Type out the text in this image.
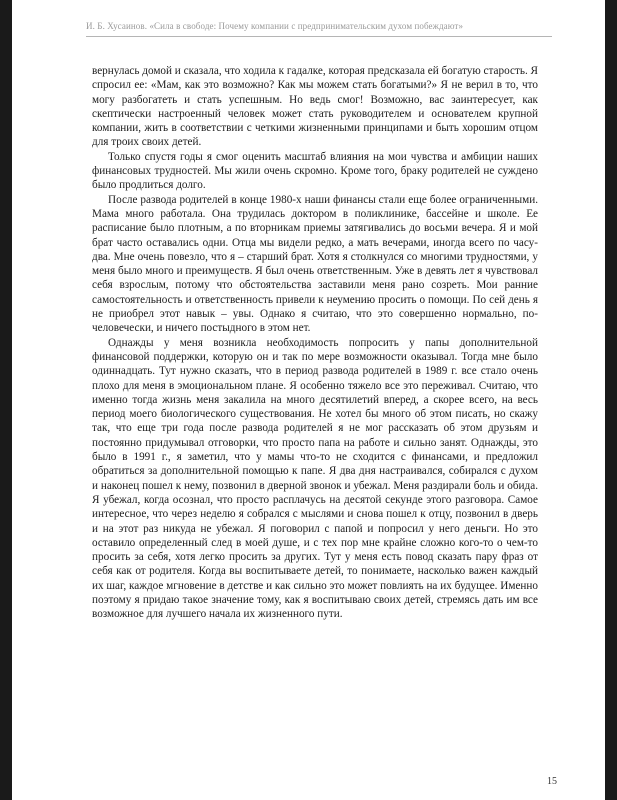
И. Б. Хусаинов. «Сила в свободе: Почему компании с предпринимательским духом побеждают»

вернулась домой и сказала, что ходила к гадалке, которая предсказала ей богатую старость. Я спросил ее: «Мам, как это возможно? Как мы можем стать богатыми?» Я не верил в то, что могу разбогатеть и стать успешным. Но ведь смог! Возможно, вас заинтересует, как скептически настроенный человек может стать руководителем и основателем крупной компании, жить в соответствии с четкими жизненными принципами и быть хорошим отцом для троих своих детей.

Только спустя годы я смог оценить масштаб влияния на мои чувства и амбиции наших финансовых трудностей. Мы жили очень скромно. Кроме того, браку родителей не суждено было продлиться долго.

После развода родителей в конце 1980-х наши финансы стали еще более ограниченными. Мама много работала. Она трудилась доктором в поликлинике, бассейне и школе. Ее расписание было плотным, а по вторникам приемы затягивались до восьми вечера. Я и мой брат часто оставались одни. Отца мы видели редко, а мать вечерами, иногда всего по часу-два. Мне очень повезло, что я – старший брат. Хотя я столкнулся со многими трудностями, у меня было много и преимуществ. Я был очень ответственным. Уже в девять лет я чувствовал себя взрослым, потому что обстоятельства заставили меня рано созреть. Мои ранние самостоятельность и ответственность привели к неумению просить о помощи. По сей день я не приобрел этот навык – увы. Однако я считаю, что это совершенно нормально, по-человечески, и ничего постыдного в этом нет.

Однажды у меня возникла необходимость попросить у папы дополнительной финансовой поддержки, которую он и так по мере возможности оказывал. Тогда мне было одиннадцать. Тут нужно сказать, что в период развода родителей в 1989 г. все стало очень плохо для меня в эмоциональном плане. Я особенно тяжело все это переживал. Считаю, что именно тогда жизнь меня закалила на много десятилетий вперед, а скорее всего, на весь период моего биологического существования. Не хотел бы много об этом писать, но скажу так, что еще три года после развода родителей я не мог рассказать об этом друзьям и постоянно придумывал отговорки, что просто папа на работе и сильно занят. Однажды, это было в 1991 г., я заметил, что у мамы что-то не сходится с финансами, и предложил обратиться за дополнительной помощью к папе. Я два дня настраивался, собирался с духом и наконец пошел к нему, позвонил в дверной звонок и убежал. Меня раздирали боль и обида. Я убежал, когда осознал, что просто расплачусь на десятой секунде этого разговора. Самое интересное, что через неделю я собрался с мыслями и снова пошел к отцу, позвонил в дверь и на этот раз никуда не убежал. Я поговорил с папой и попросил у него деньги. Но это оставило определенный след в моей душе, и с тех пор мне крайне сложно кого-то о чем-то просить за себя, хотя легко просить за других. Тут у меня есть повод сказать пару фраз от себя как от родителя. Когда вы воспитываете детей, то понимаете, насколько важен каждый их шаг, каждое мгновение в детстве и как сильно это может повлиять на их будущее. Именно поэтому я придаю такое значение тому, как я воспитываю своих детей, стремясь дать им все возможное для лучшего начала их жизненного пути.

15
